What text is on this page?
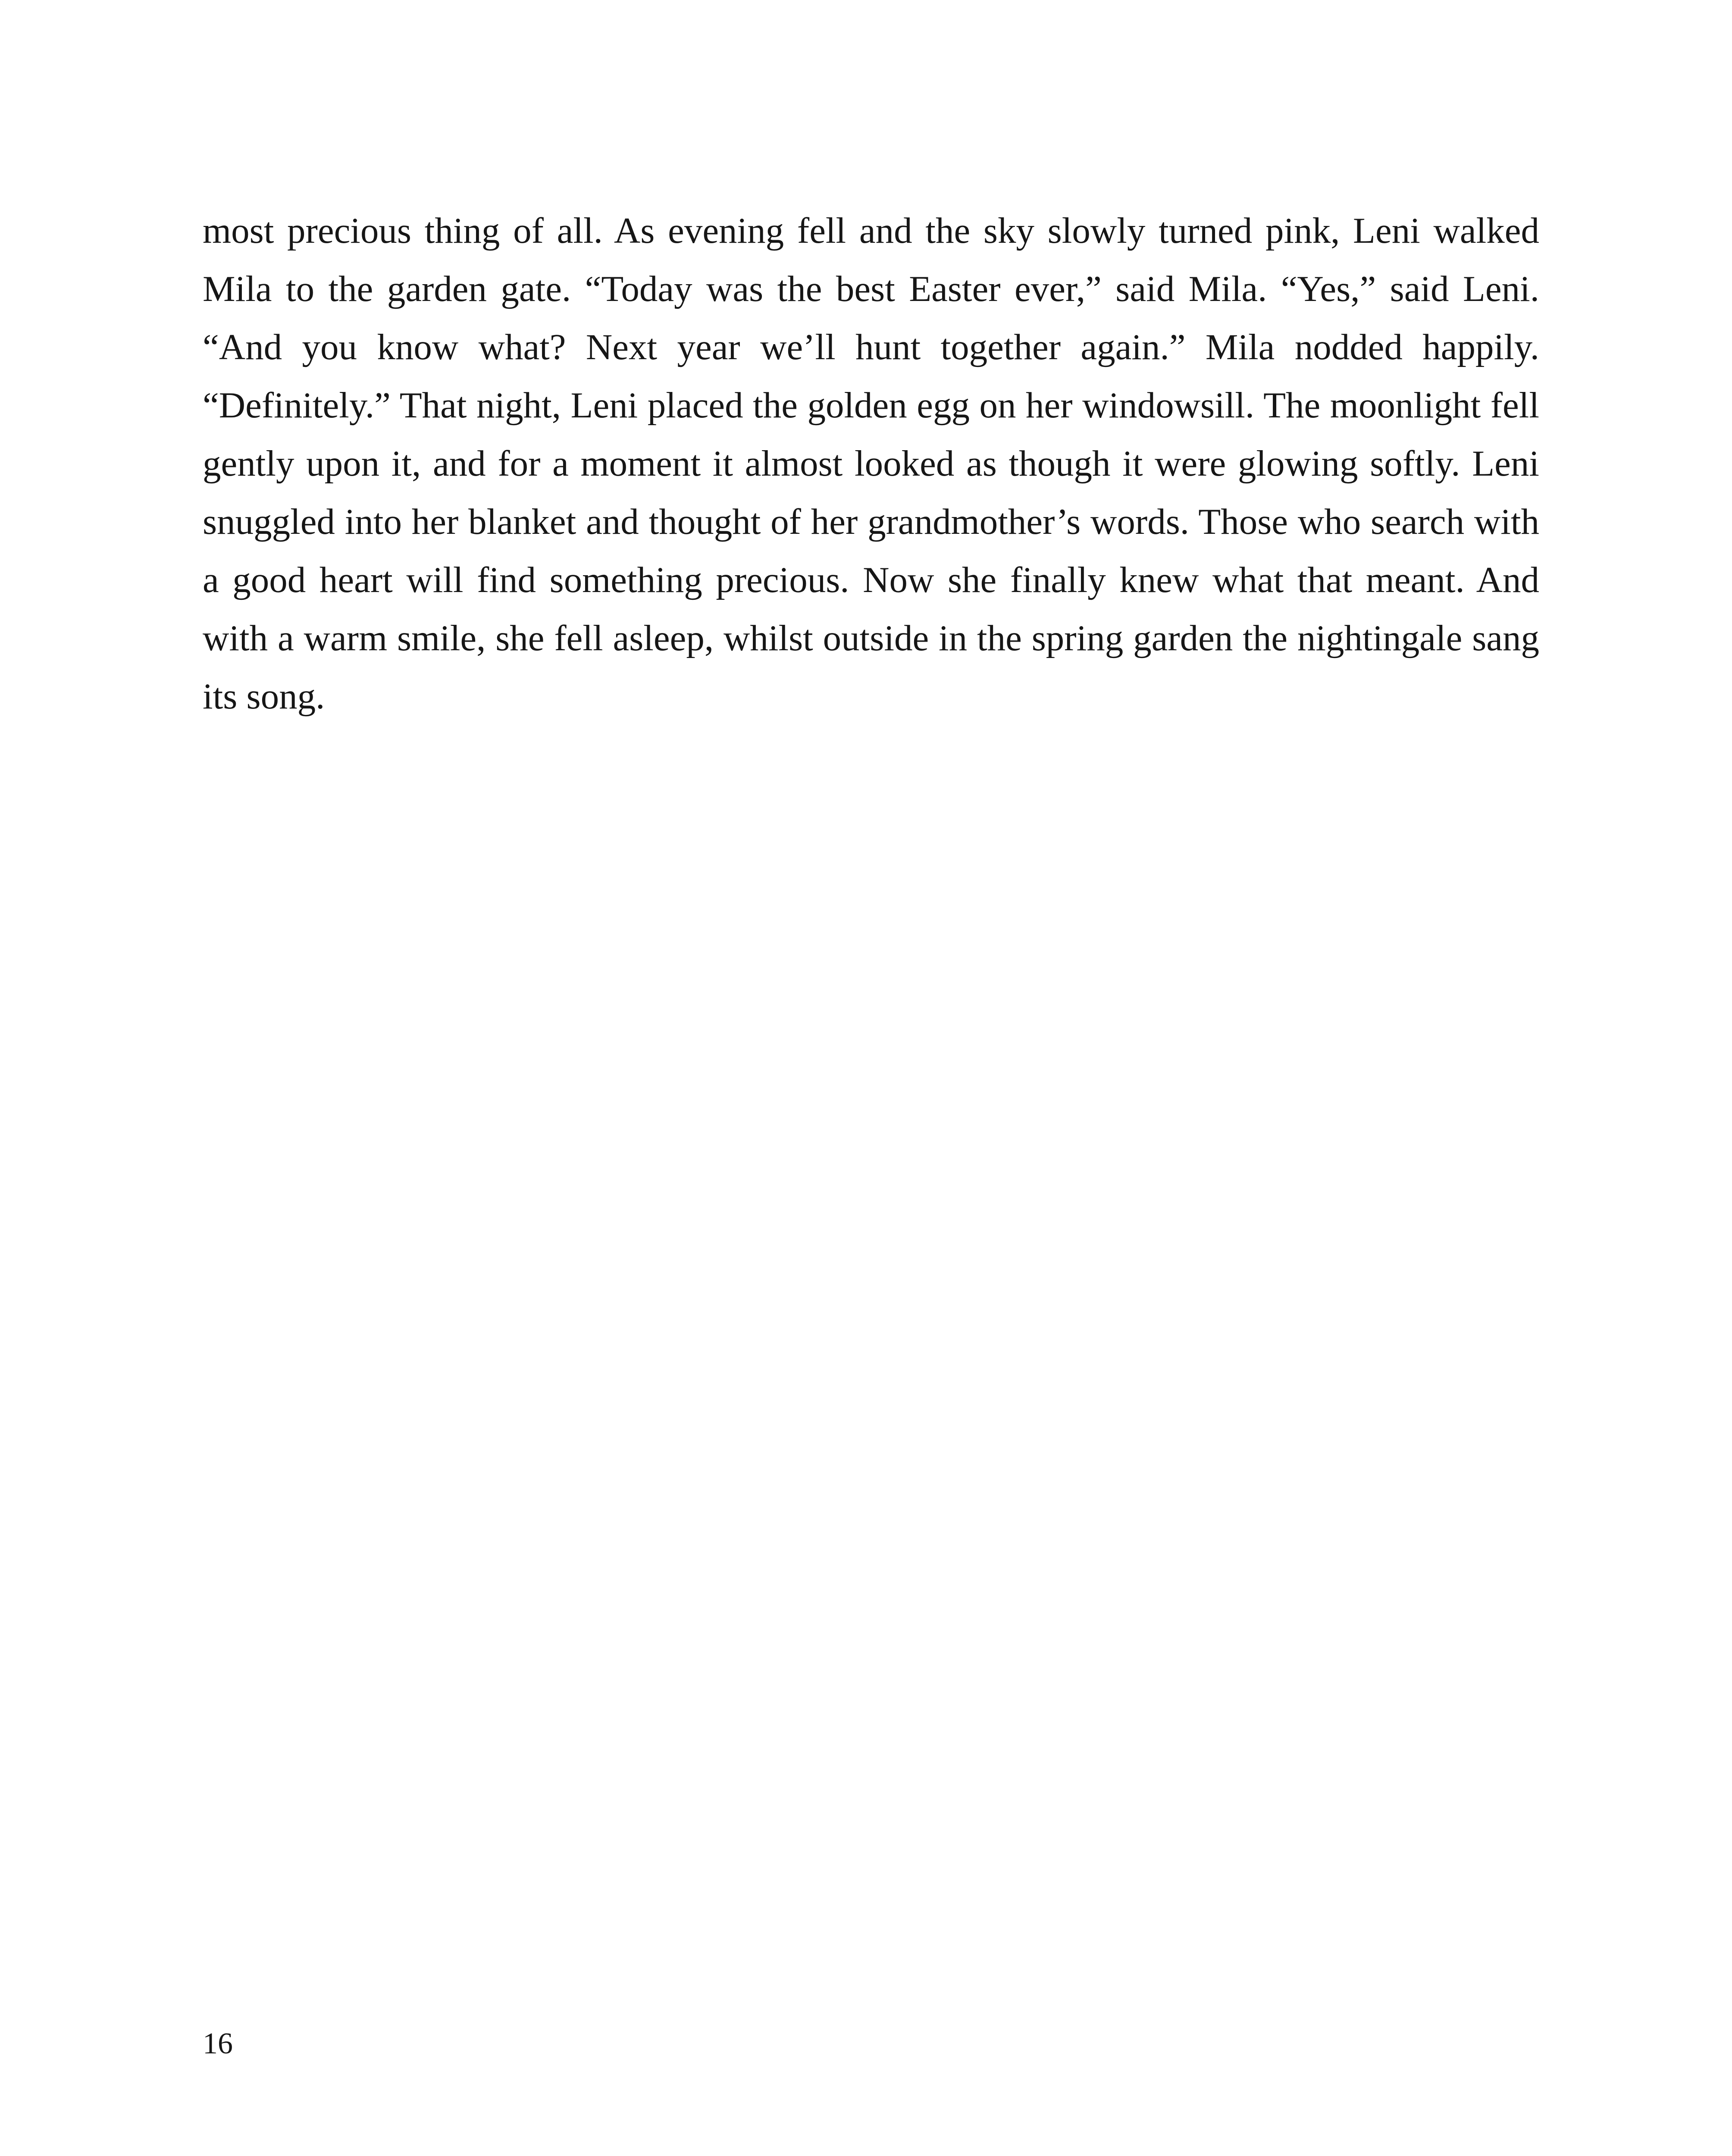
most precious thing of all. As evening fell and the sky slowly turned pink, Leni walked Mila to the garden gate. “Today was the best Easter ever,” said Mila. “Yes,” said Leni. “And you know what? Next year we’ll hunt together again.” Mila nodded happily. “Definitely.” That night, Leni placed the golden egg on her windowsill. The moonlight fell gently upon it, and for a moment it almost looked as though it were glowing softly. Leni snuggled into her blanket and thought of her grandmother’s words. Those who search with a good heart will find something precious. Now she finally knew what that meant. And with a warm smile, she fell asleep, whilst outside in the spring garden the nightingale sang its song.

16
